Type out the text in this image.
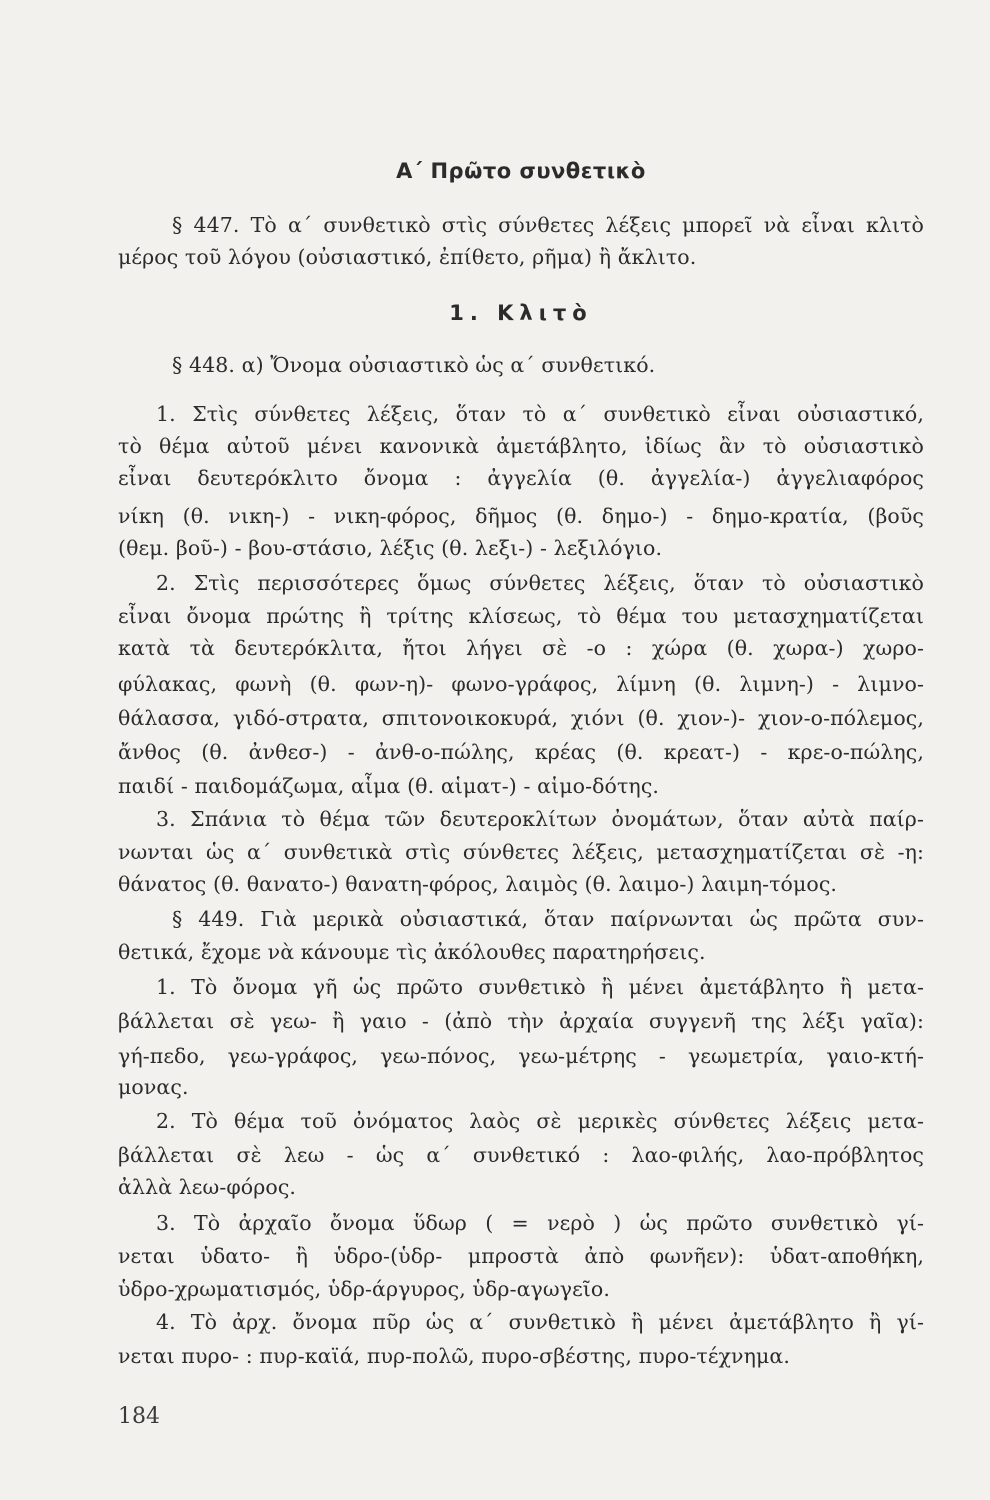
Α΄ Πρῶτο συνθετικὸ
§ 447. Τὸ α΄ συνθετικὸ στὶς σύνθετες λέξεις μπορεῖ νὰ εἶναι κλιτὸ
μέρος τοῦ λόγου (οὐσιαστικό, ἐπίθετο, ρῆμα) ἢ ἄκλιτο.
1. Κλιτὸ
§ 448. α) Ὄνομα οὐσιαστικὸ ὡς α΄ συνθετικό.
1. Στὶς σύνθετες λέξεις, ὅταν τὸ α΄ συνθετικὸ εἶναι οὐσιαστικό,
τὸ θέμα αὐτοῦ μένει κανονικὰ ἀμετάβλητο, ἰδίως ἂν τὸ οὐσιαστικὸ
εἶναι δευτερόκλιτο ὄνομα : ἀγγελία (θ. ἀγγελία-) ἀγγελιαφόρος
νίκη (θ. νικη-) - νικη-φόρος, δῆμος (θ. δημο-) - δημο-κρατία, (βοῦς
(θεμ. βοῦ-) - βου-στάσιο, λέξις (θ. λεξι-) - λεξιλόγιο.
2. Στὶς περισσότερες ὅμως σύνθετες λέξεις, ὅταν τὸ οὐσιαστικὸ
εἶναι ὄνομα πρώτης ἢ τρίτης κλίσεως, τὸ θέμα του μετασχηματίζεται
κατὰ τὰ δευτερόκλιτα, ἤτοι λήγει σὲ -ο : χώρα (θ. χωρα-) χωρο-
φύλακας, φωνὴ (θ. φων-η)- φωνο-γράφος, λίμνη (θ. λιμνη-) - λιμνο-
θάλασσα, γιδό-στρατα, σπιτονοικοκυρά, χιόνι (θ. χιον-)- χιον-ο-πόλεμος,
ἄνθος (θ. ἀνθεσ-) - ἀνθ-ο-πώλης, κρέας (θ. κρεατ-) - κρε-ο-πώλης,
παιδί - παιδομάζωμα, αἷμα (θ. αἱματ-) - αἱμο-δότης.
3. Σπάνια τὸ θέμα τῶν δευτεροκλίτων ὀνομάτων, ὅταν αὐτὰ παίρ-
νωνται ὡς α΄ συνθετικὰ στὶς σύνθετες λέξεις, μετασχηματίζεται σὲ -η:
θάνατος (θ. θανατο-) θανατη-φόρος, λαιμὸς (θ. λαιμο-) λαιμη-τόμος.
§ 449. Γιὰ μερικὰ οὐσιαστικά, ὅταν παίρνωνται ὡς πρῶτα συν-
θετικά, ἔχομε νὰ κάνουμε τὶς ἀκόλουθες παρατηρήσεις.
1. Τὸ ὄνομα γῆ ὡς πρῶτο συνθετικὸ ἢ μένει ἀμετάβλητο ἢ μετα-
βάλλεται σὲ γεω- ἢ γαιο - (ἀπὸ τὴν ἀρχαία συγγενῆ της λέξι γαῖα):
γή-πεδο, γεω-γράφος, γεω-πόνος, γεω-μέτρης - γεωμετρία, γαιο-κτή-
μονας.
2. Τὸ θέμα τοῦ ὀνόματος λαὸς σὲ μερικὲς σύνθετες λέξεις μετα-
βάλλεται σὲ λεω - ὡς α΄ συνθετικό : λαο-φιλής, λαο-πρόβλητος
ἀλλὰ λεω-φόρος.
3. Τὸ ἀρχαῖο ὄνομα ὕδωρ ( = νερὸ ) ὡς πρῶτο συνθετικὸ γί-
νεται ὑδατο- ἢ ὑδρο-(ὑδρ- μπροστὰ ἀπὸ φωνῆεν): ὑδατ-αποθήκη,
ὑδρο-χρωματισμός, ὑδρ-άργυρος, ὑδρ-αγωγεῖο.
4. Τὸ ἀρχ. ὄνομα πῦρ ὡς α΄ συνθετικὸ ἢ μένει ἀμετάβλητο ἢ γί-
νεται πυρο- : πυρ-καϊά, πυρ-πολῶ, πυρο-σβέστης, πυρο-τέχνημα.
184
